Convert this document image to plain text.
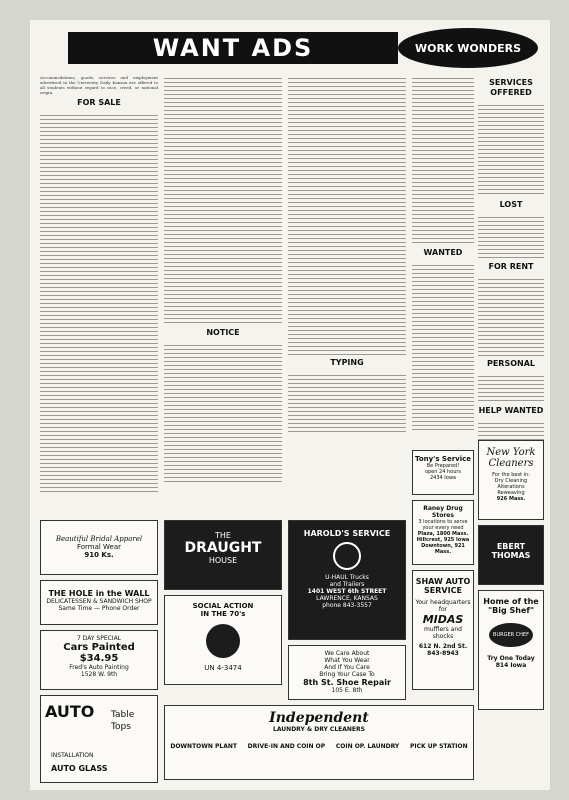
WANT ADS	WORK WONDERS

Accommodations, goods, services and employment advertised in the University Daily Kansan are offered to all students without regard to race, creed, or national origin.

FOR SALE
NOTICE
TYPING
WANTED
SERVICES OFFERED
LOST
FOR RENT
PERSONAL
HELP WANTED
Beautiful Bridal Apparel
Formal Wear
910 Ks.
THE HOLE in the WALL
DELICATESSEN & SANDWICH SHOP
Same Time — Phone Order
7 DAY SPECIAL
Cars Painted
$34.95
Fred's Auto Painting
1528 W. 9th
AUTO Table
Tops
INSTALLATION
AUTO GLASS
THE
DRAUGHT
HOUSE
SOCIAL ACTION
IN THE 70's
UN 4-3474
HAROLD'S SERVICE
U-HAUL Trucks
and Trailers
1401 WEST 6th STREET
LAWRENCE, KANSAS
phone 843-3557
We Care About
What You Wear
And If You Care
Bring Your Case To
8th St. Shoe Repair
105 E. 8th
Tony's Service
Be Prepared!
open 24 hours
2434 Iowa
Raney Drug Stores
3 locations to serve your every need
Plaza, 1800 Mass.
Hillcrest, 925 Iowa
Downtown, 921 Mass.
SHAW AUTO
SERVICE
Your headquarters
for
MIDAS
mufflers and shocks
612 N. 2nd St.
843-8943
New York
Cleaners
For the best in:
Dry Cleaning
Alterations
Reweaving
926 Mass.
EBERT
THOMAS
Home of the
"Big Shef"
BURGER CHEF
Try One Today
814 Iowa
Independent
LAUNDRY & DRY CLEANERS
DOWNTOWN PLANT DRIVE-IN AND COIN OP COIN OP. LAUNDRY PICK UP STATION
